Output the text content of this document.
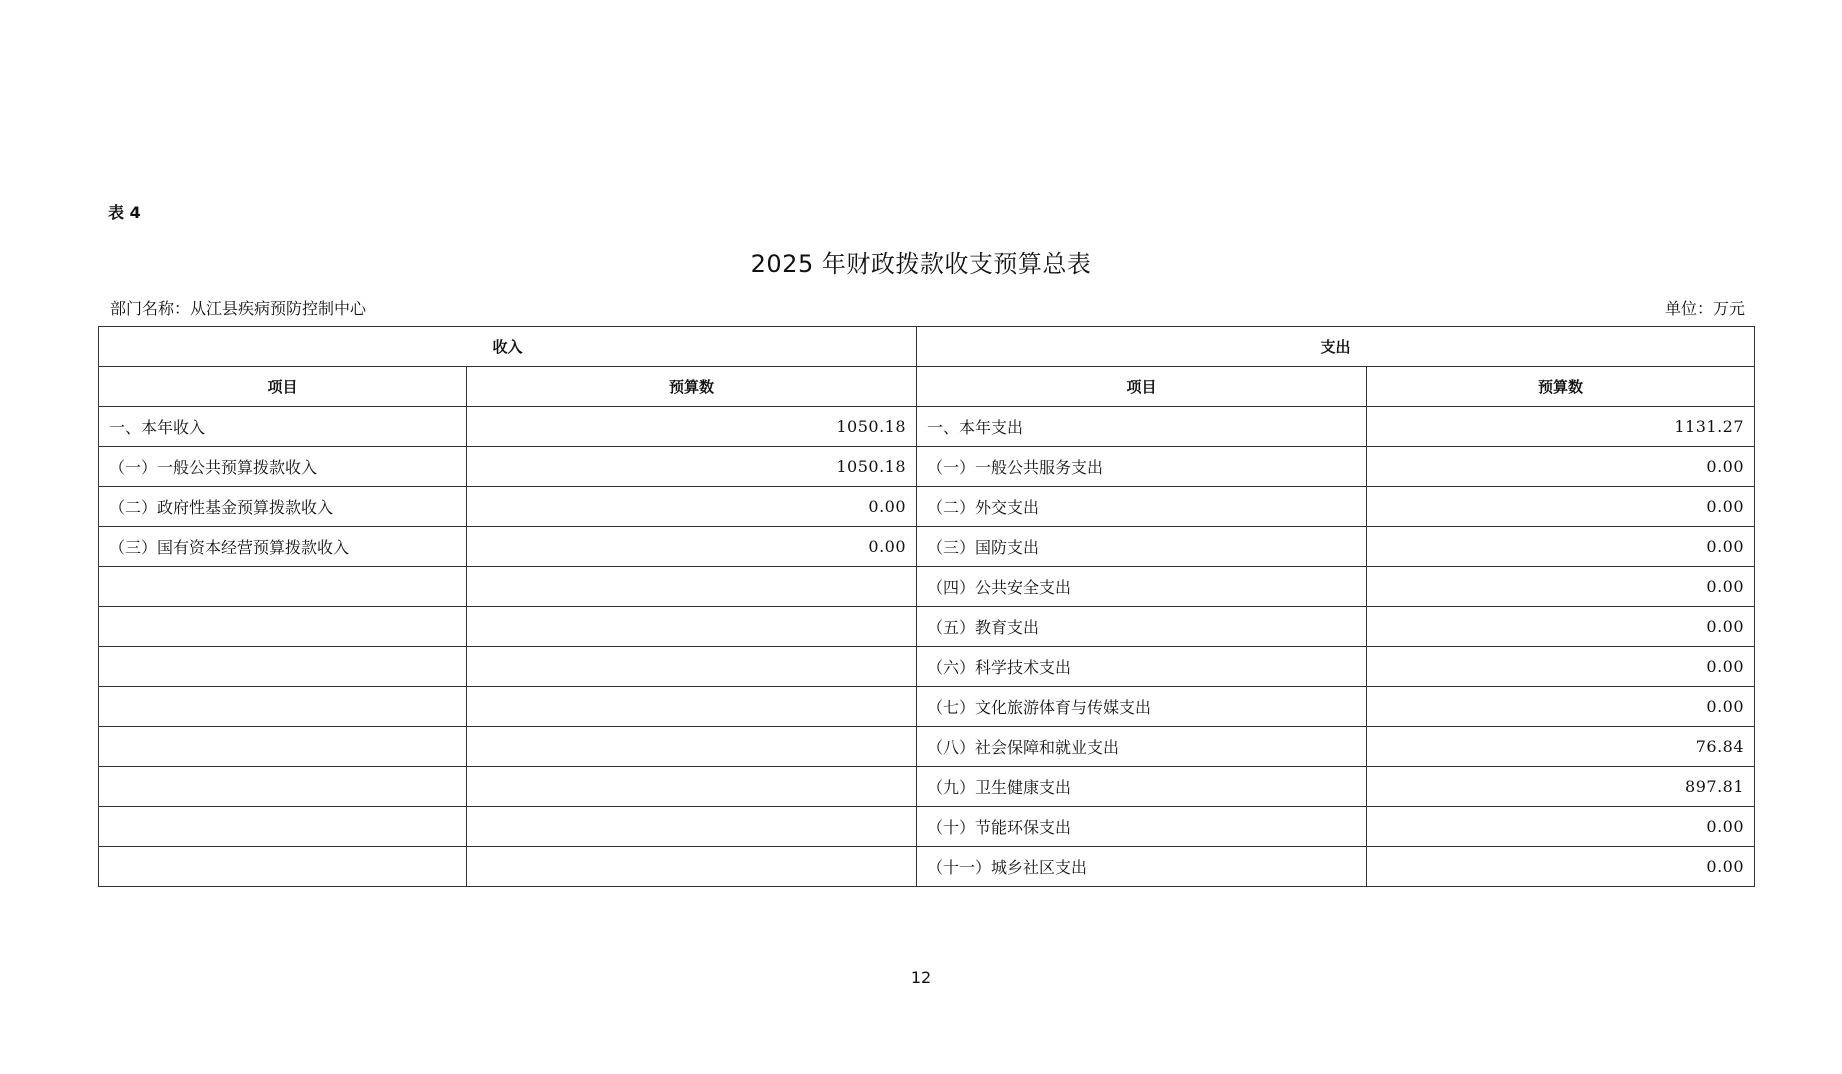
表 4
2025 年财政拨款收支预算总表
部门名称：从江县疾病预防控制中心	单位：万元
收入		支出	
项目	预算数	项目	预算数
一、本年收入	1050.18	一、本年支出	1131.27
（一）一般公共预算拨款收入	1050.18	（一）一般公共服务支出	0.00
（二）政府性基金预算拨款收入	0.00	（二）外交支出	0.00
（三）国有资本经营预算拨款收入	0.00	（三）国防支出	0.00
		（四）公共安全支出	0.00
		（五）教育支出	0.00
		（六）科学技术支出	0.00
		（七）文化旅游体育与传媒支出	0.00
		（八）社会保障和就业支出	76.84
		（九）卫生健康支出	897.81
		（十）节能环保支出	0.00
		（十一）城乡社区支出	0.00
12
